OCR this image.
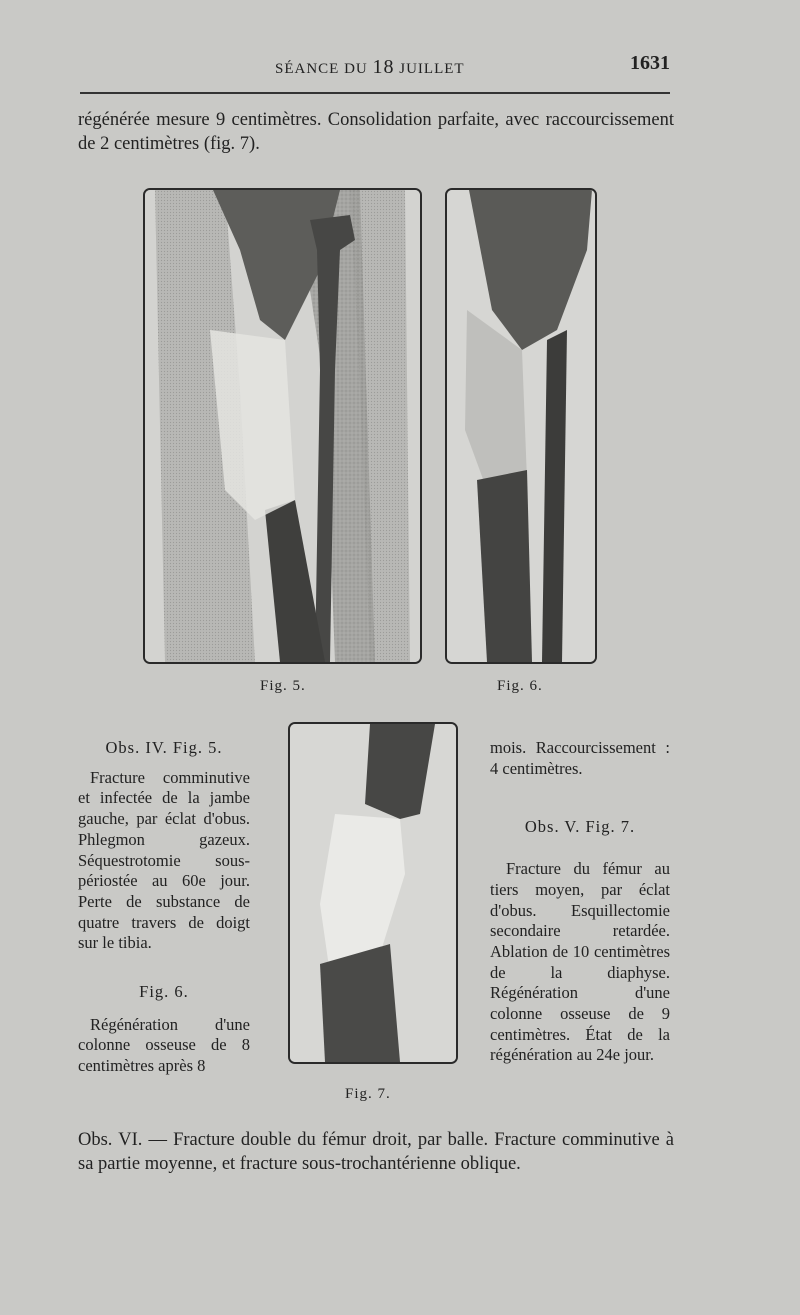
SÉANCE DU 18 JUILLET	1631
régénérée mesure 9 centimètres. Consolidation parfaite, avec raccourcissement de 2 centimètres (fig. 7).
Fig. 5.	Fig. 6.
Fig. 7.

Obs. IV. Fig. 5.

Fracture comminutive et infectée de la jambe gauche, par éclat d'obus. Phlegmon gazeux. Séquestrotomie sous-périostée au 60e jour. Perte de substance de quatre travers de doigt sur le tibia.

Fig. 6.

Régénération d'une colonne osseuse de 8 centimètres après 8

mois. Raccourcissement : 4 centimètres.

Obs. V. Fig. 7.

Fracture du fémur au tiers moyen, par éclat d'obus. Esquillectomie secondaire retardée. Ablation de 10 centimètres de la diaphyse. Régénération d'une colonne osseuse de 9 centimètres. État de la régénération au 24e jour.

Obs. VI. — Fracture double du fémur droit, par balle. Fracture comminutive à sa partie moyenne, et fracture sous-trochantérienne oblique.
